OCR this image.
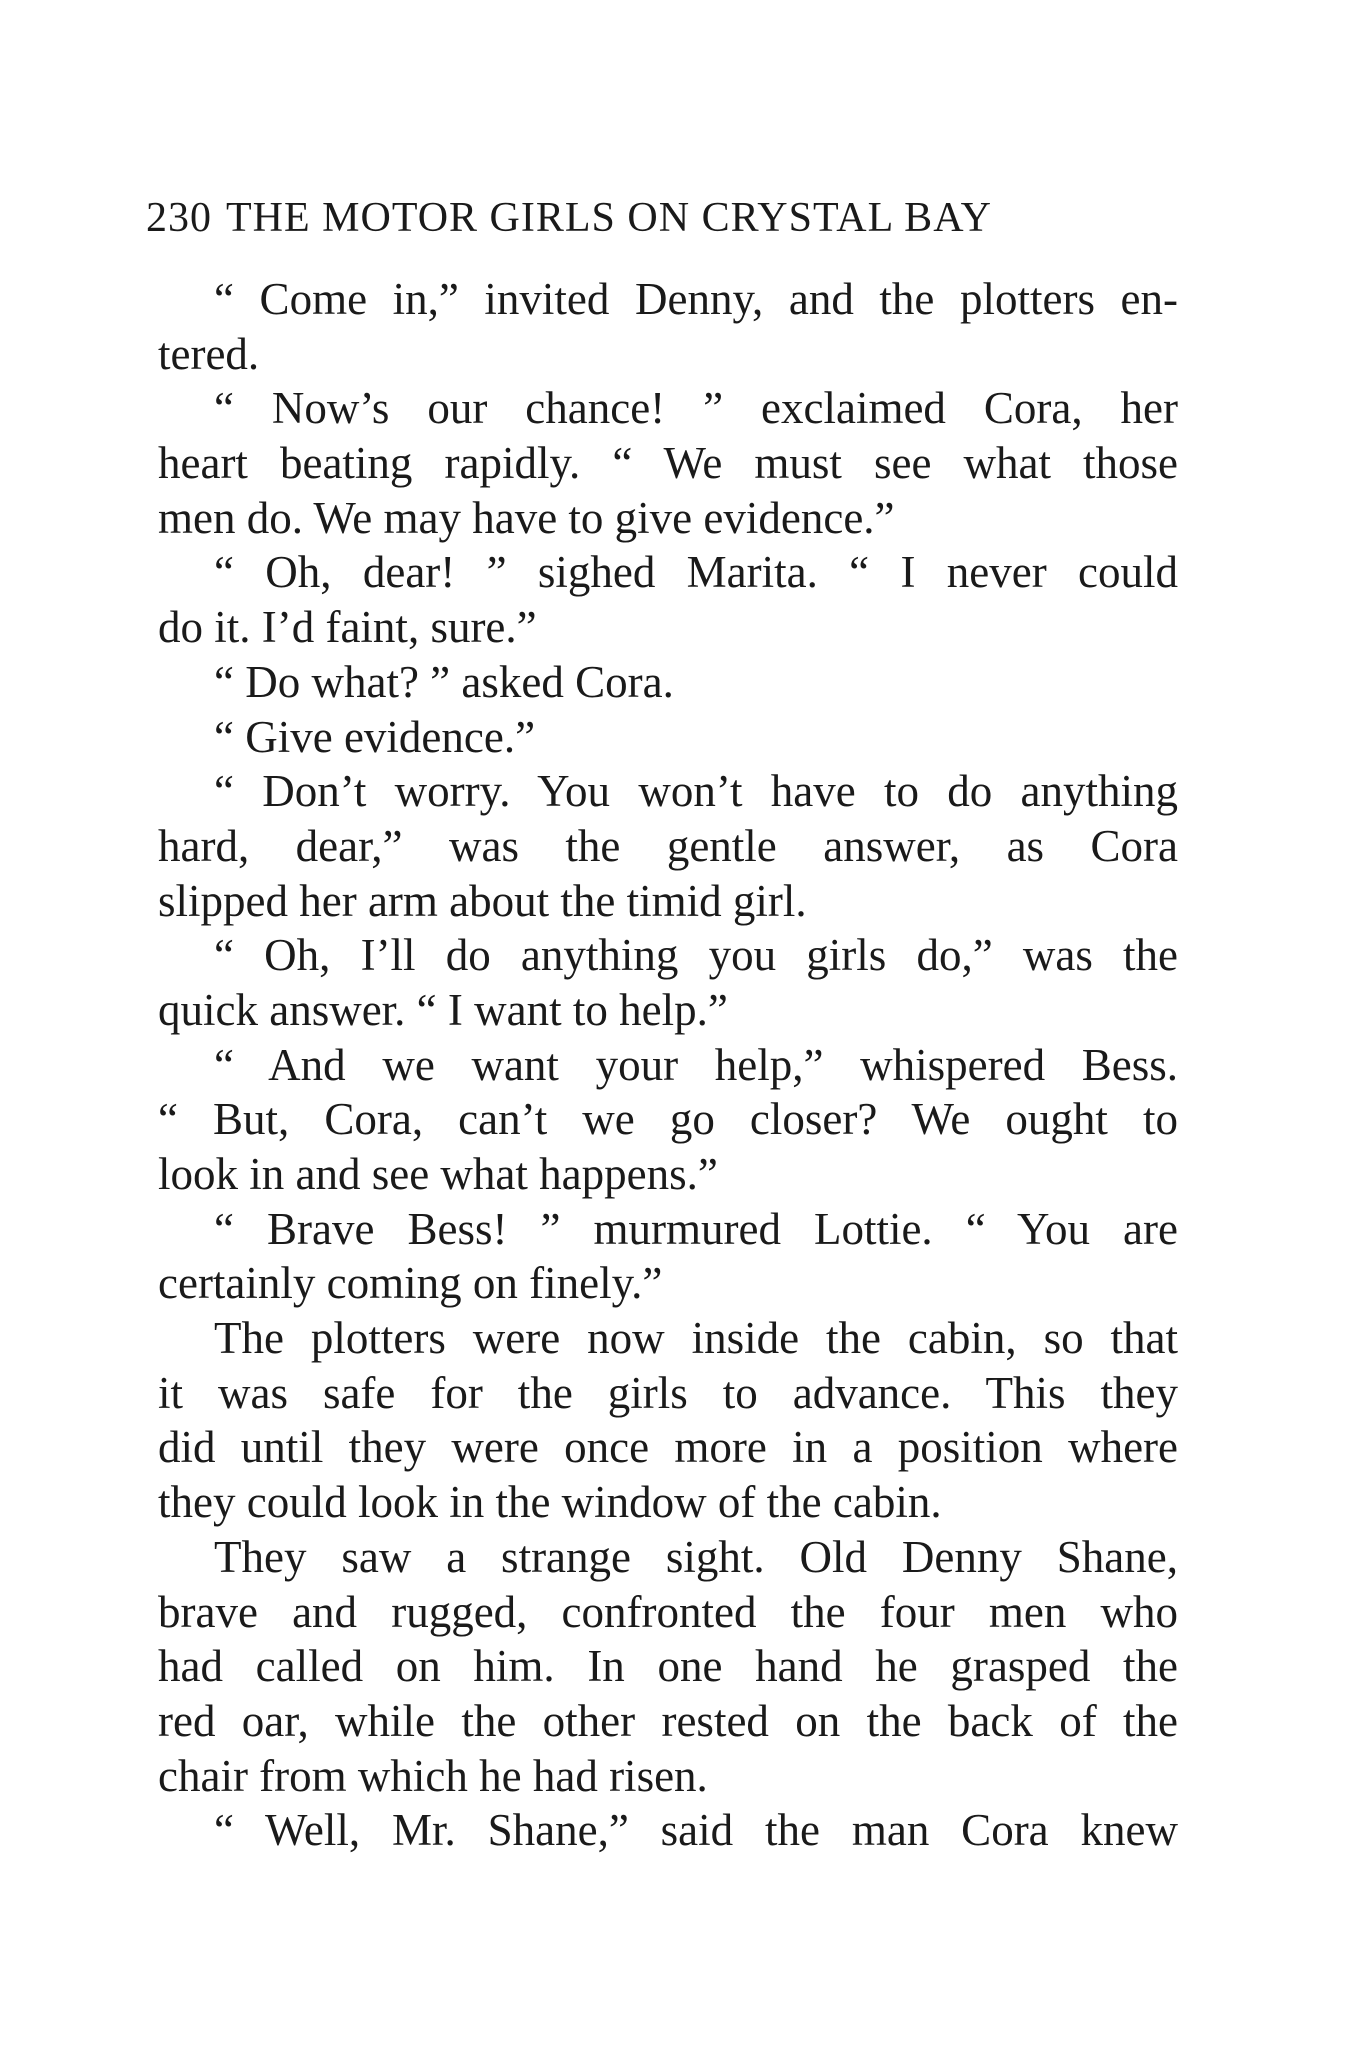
230 THE MOTOR GIRLS ON CRYSTAL BAY
“ Come in,” invited Denny, and the plotters en-
tered.
“ Now’s our chance! ” exclaimed Cora, her
heart beating rapidly. “ We must see what those
men do. We may have to give evidence.”
“ Oh, dear! ” sighed Marita. “ I never could
do it. I’d faint, sure.”
“ Do what? ” asked Cora.
“ Give evidence.”
“ Don’t worry. You won’t have to do anything
hard, dear,” was the gentle answer, as Cora
slipped her arm about the timid girl.
“ Oh, I’ll do anything you girls do,” was the
quick answer. “ I want to help.”
“ And we want your help,” whispered Bess.
“ But, Cora, can’t we go closer? We ought to
look in and see what happens.”
“ Brave Bess! ” murmured Lottie. “ You are
certainly coming on finely.”
The plotters were now inside the cabin, so that
it was safe for the girls to advance. This they
did until they were once more in a position where
they could look in the window of the cabin.
They saw a strange sight. Old Denny Shane,
brave and rugged, confronted the four men who
had called on him. In one hand he grasped the
red oar, while the other rested on the back of the
chair from which he had risen.
“ Well, Mr. Shane,” said the man Cora knew
